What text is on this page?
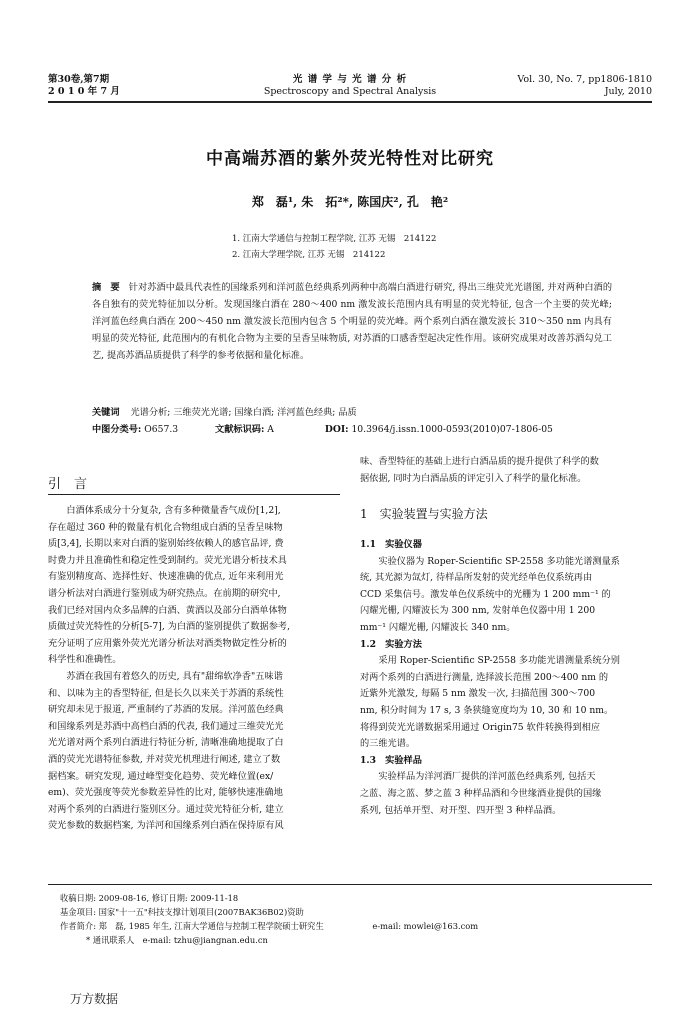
第30卷,第7期
2 0 1 0 年 7 月
光 谱 学 与 光 谱 分 析
Spectroscopy and Spectral Analysis
Vol. 30, No. 7, pp1806-1810
July, 2010
中高端苏酒的紫外荧光特性对比研究
郑　磊¹, 朱　拓²*, 陈国庆², 孔　艳²
1. 江南大学通信与控制工程学院, 江苏 无锡　214122
2. 江南大学理学院, 江苏 无锡　214122
摘　要 针对苏酒中最具代表性的国缘系列和洋河蓝色经典系列两种中高端白酒进行研究, 得出三维荧光光谱图, 并对两种白酒的各自独有的荧光特征加以分析。发现国缘白酒在 280～400 nm 激发波长范围内具有明显的荧光特征, 包含一个主要的荧光峰; 洋河蓝色经典白酒在 200～450 nm 激发波长范围内包含 5 个明显的荧光峰。两个系列白酒在激发波长 310～350 nm 内具有明显的荧光特征, 此范围内的有机化合物为主要的呈香呈味物质, 对苏酒的口感香型起决定性作用。该研究成果对改善苏酒勾兑工艺, 提高苏酒品质提供了科学的参考依据和量化标准。
关键词 光谱分析; 三维荧光光谱; 国缘白酒; 洋河蓝色经典; 品质
中图分类号: O657.3	文献标识码: A	DOI: 10.3964/j.issn.1000-0593(2010)07-1806-05
引　言
白酒体系成分十分复杂, 含有多种微量香气成份[1,2],
存在超过 360 种的微量有机化合物组成白酒的呈香呈味物
质[3,4], 长期以来对白酒的鉴别始终依赖人的感官品评, 费
时费力并且准确性和稳定性受到制约。荧光光谱分析技术具
有鉴别精度高、选择性好、快速准确的优点, 近年来利用光
谱分析法对白酒进行鉴别成为研究热点。在前期的研究中,
我们已经对国内众多品牌的白酒、黄酒以及部分白酒单体物
质做过荧光特性的分析[5-7], 为白酒的鉴别提供了数据参考,
充分证明了应用紫外荧光光谱分析法对酒类物做定性分析的
科学性和准确性。
苏酒在我国有着悠久的历史, 具有"甜绵软净香"五味谐
和、以味为主的香型特征, 但是长久以来关于苏酒的系统性
研究却未见于报道, 严重制约了苏酒的发展。洋河蓝色经典
和国缘系列是苏酒中高档白酒的代表, 我们通过三维荧光光
光光谱对两个系列白酒进行特征分析, 清晰准确地提取了白
酒的荧光光谱特征参数, 并对荧光机理进行阐述, 建立了数
据档案。研究发现, 通过峰型变化趋势、荧光峰位置(ex/
em)、荧光强度等荧光参数差异性的比对, 能够快速准确地
对两个系列的白酒进行鉴别区分。通过荧光特征分析, 建立
荧光参数的数据档案, 为洋河和国缘系列白酒在保持原有风
味、香型特征的基础上进行白酒品质的提升提供了科学的数
据依据, 同时为白酒品质的评定引入了科学的量化标准。
1　实验装置与实验方法
1.1　实验仪器
实验仪器为 Roper-Scientific SP-2558 多功能光谱测量系
统, 其光源为氙灯, 待样品所发射的荧光经单色仪系统再由
CCD 采集信号。激发单色仪系统中的光栅为 1 200 mm⁻¹ 的
闪耀光栅, 闪耀波长为 300 nm, 发射单色仪器中用 1 200
mm⁻¹ 闪耀光栅, 闪耀波长 340 nm。
1.2　实验方法
采用 Roper-Scientific SP-2558 多功能光谱测量系统分别
对两个系列的白酒进行测量, 选择波长范围 200～400 nm 的
近紫外光激发, 每隔 5 nm 激发一次, 扫描范围 300～700
nm, 积分时间为 17 s, 3 条狭缝宽度均为 10, 30 和 10 nm。
将得到荧光光谱数据采用通过 Origin75 软件转换得到相应
的三维光谱。
1.3　实验样品
实验样品为洋河酒厂提供的洋河蓝色经典系列, 包括天
之蓝、海之蓝、梦之蓝 3 种样品酒和今世缘酒业提供的国缘
系列, 包括单开型、对开型、四开型 3 种样品酒。
收稿日期: 2009-08-16, 修订日期: 2009-11-18
基金项目: 国家"十一五"科技支撑计划项目(2007BAK36B02)资助
作者简介: 郑　磊, 1985 年生, 江南大学通信与控制工程学院硕士研究生	e-mail: mowlei@163.com
* 通讯联系人　e-mail: tzhu@jiangnan.edu.cn
万方数据
